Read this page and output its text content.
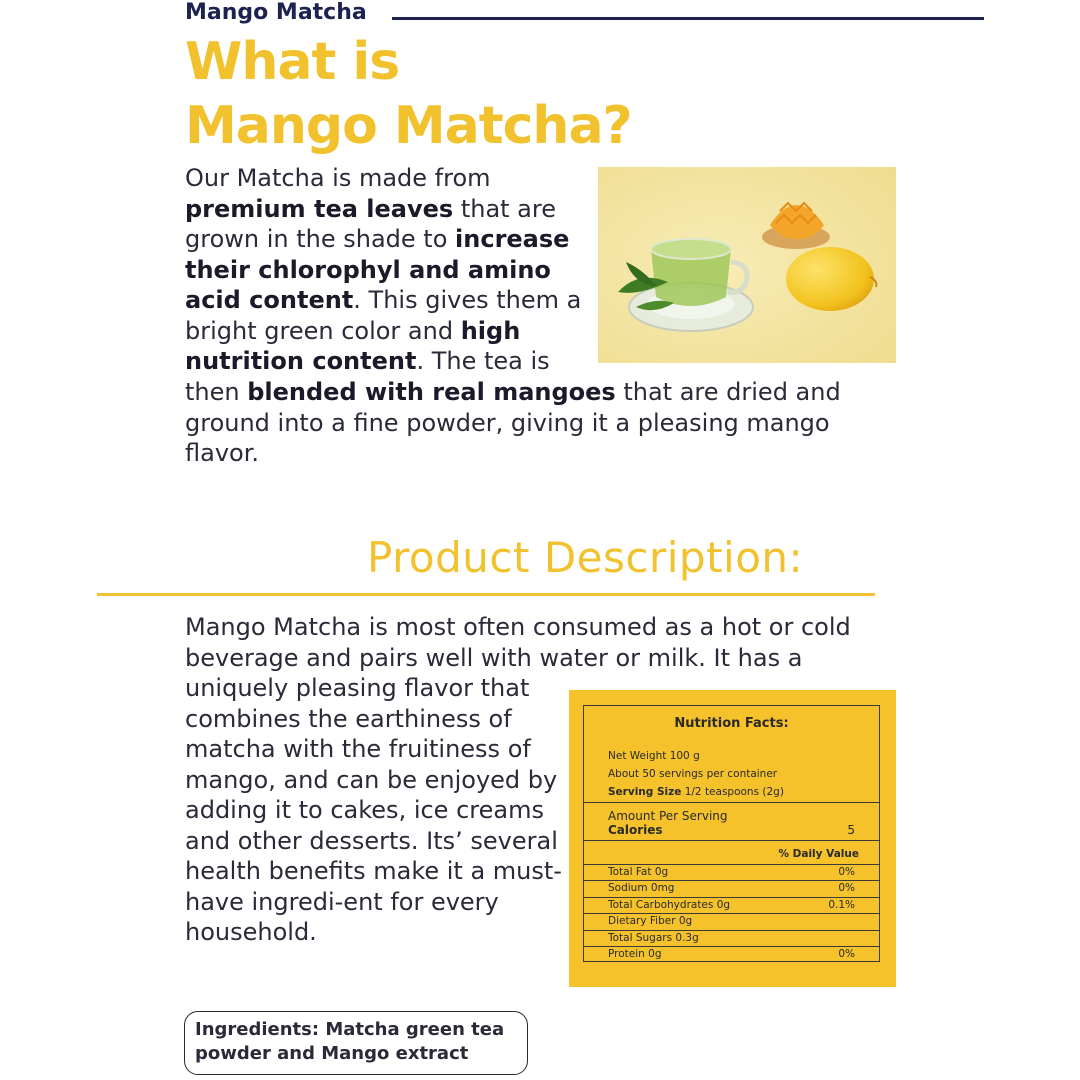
Mango Matcha
What is
Mango Matcha?
Our Matcha is made from premium tea leaves that are grown in the shade to increase their chlorophyl and amino acid content. This gives them a bright green color and high nutrition content. The tea is
then blended with real mangoes that are dried and ground into a fine powder, giving it a pleasing mango flavor.
Product Description:
Mango Matcha is most often consumed as a hot or cold beverage and pairs well with water or milk. It has a
uniquely pleasing flavor that combines the earthiness of matcha with the fruitiness of mango, and can be enjoyed by adding it to cakes, ice creams and other desserts. Its’ several health benefits make it a must-have ingredi-ent for every household.
Nutrition Facts:
Net Weight 100 g
About 50 servings per container
Serving Size 1/2 teaspoons (2g)
Amount Per Serving
Calories	5
% Daily Value
Total Fat 0g	0%
Sodium 0mg	0%
Total Carbohydrates 0g	0.1%
Dietary Fiber 0g
Total Sugars 0.3g
Protein 0g	0%
Ingredients: Matcha green tea powder and Mango extract
